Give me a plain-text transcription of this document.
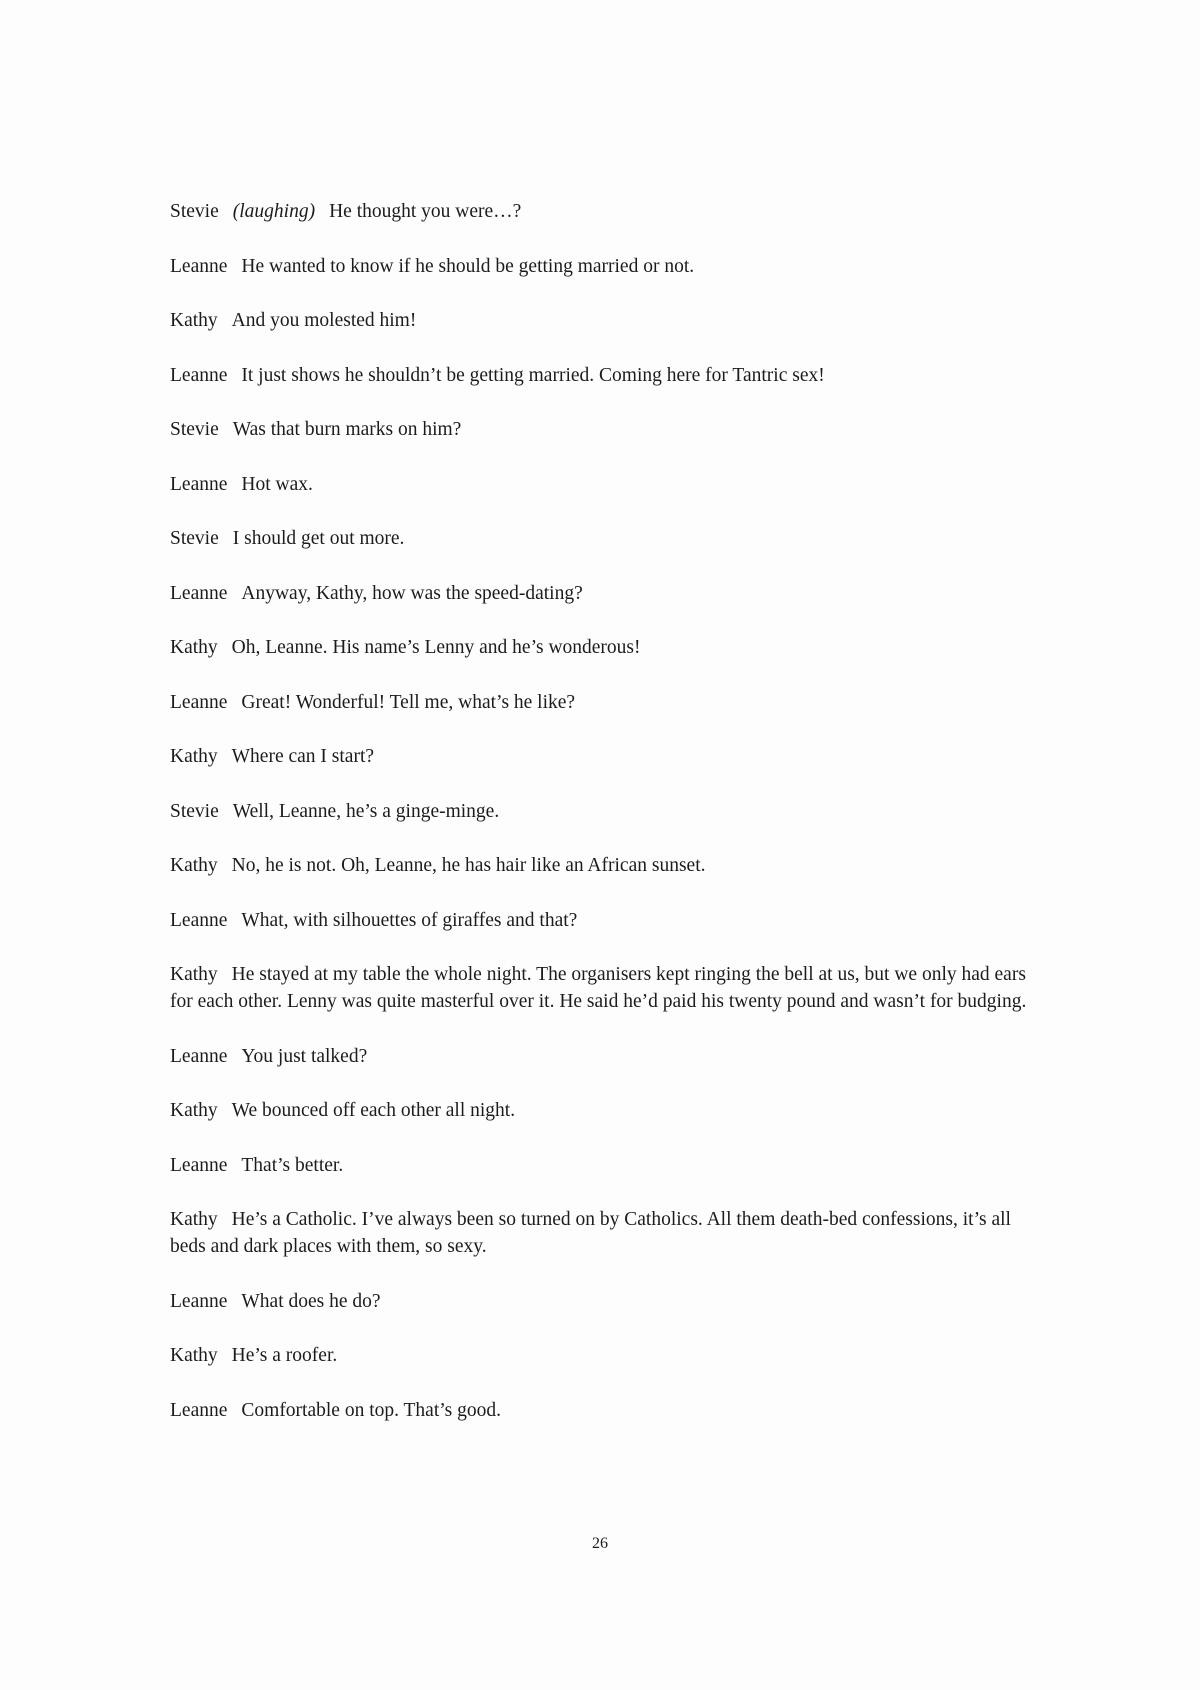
Stevie (laughing) He thought you were…?

Leanne He wanted to know if he should be getting married or not.

Kathy And you molested him!

Leanne It just shows he shouldn’t be getting married. Coming here for Tantric sex!

Stevie Was that burn marks on him?

Leanne Hot wax.

Stevie I should get out more.

Leanne Anyway, Kathy, how was the speed-dating?

Kathy Oh, Leanne. His name’s Lenny and he’s wonderous!

Leanne Great! Wonderful! Tell me, what’s he like?

Kathy Where can I start?

Stevie Well, Leanne, he’s a ginge-minge.

Kathy No, he is not. Oh, Leanne, he has hair like an African sunset.

Leanne What, with silhouettes of giraffes and that?

Kathy He stayed at my table the whole night. The organisers kept ringing the bell at us, but we only had ears for each other. Lenny was quite masterful over it. He said he’d paid his twenty pound and wasn’t for budging.

Leanne You just talked?

Kathy We bounced off each other all night.

Leanne That’s better.

Kathy He’s a Catholic. I’ve always been so turned on by Catholics. All them death-bed confessions, it’s all beds and dark places with them, so sexy.

Leanne What does he do?

Kathy He’s a roofer.

Leanne Comfortable on top. That’s good.

26
